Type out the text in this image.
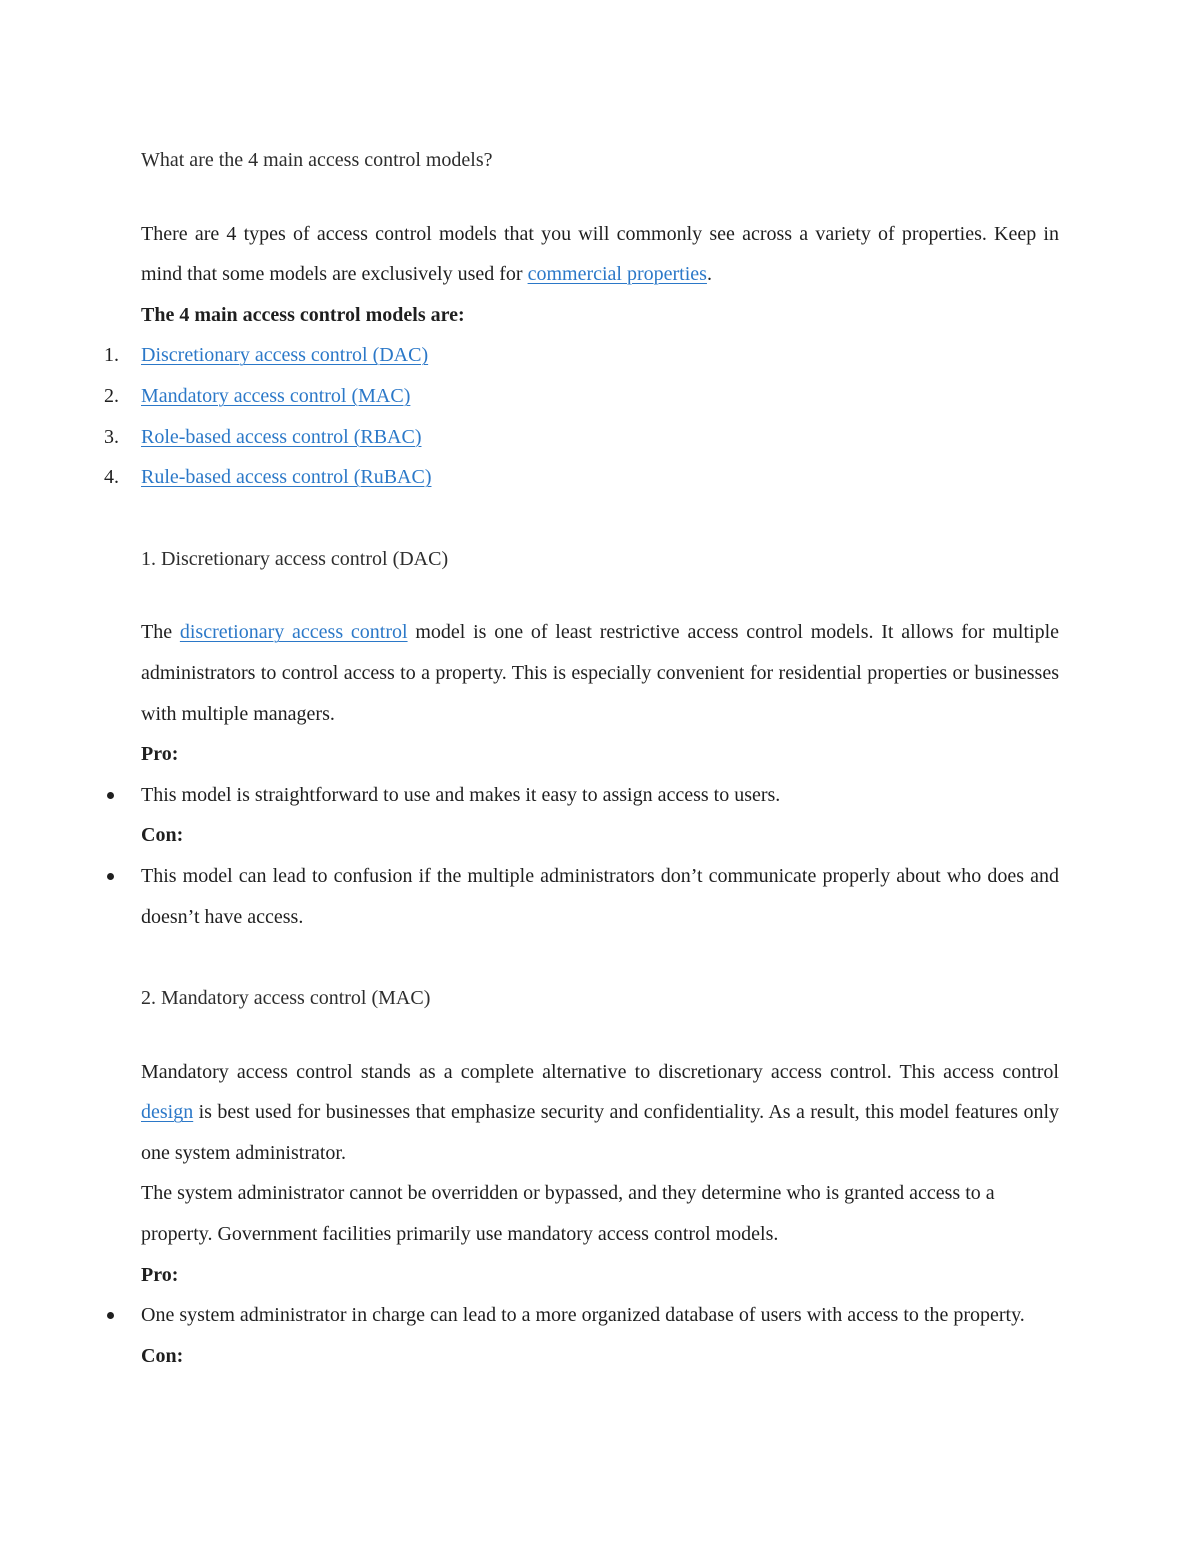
What are the 4 main access control models?

There are 4 types of access control models that you will commonly see across a variety of properties. Keep in mind that some models are exclusively used for commercial properties.

The 4 main access control models are:

1. Discretionary access control (DAC)
2. Mandatory access control (MAC)
3. Role-based access control (RBAC)
4. Rule-based access control (RuBAC)

1. Discretionary access control (DAC)

The discretionary access control model is one of least restrictive access control models. It allows for multiple administrators to control access to a property. This is especially convenient for residential properties or businesses with multiple managers.

Pro:

This model is straightforward to use and makes it easy to assign access to users.

Con:

This model can lead to confusion if the multiple administrators don’t communicate properly about who does and doesn’t have access.

2. Mandatory access control (MAC)

Mandatory access control stands as a complete alternative to discretionary access control. This access control design is best used for businesses that emphasize security and confidentiality. As a result, this model features only one system administrator.

The system administrator cannot be overridden or bypassed, and they determine who is granted access to a property. Government facilities primarily use mandatory access control models.

Pro:

One system administrator in charge can lead to a more organized database of users with access to the property.

Con:
